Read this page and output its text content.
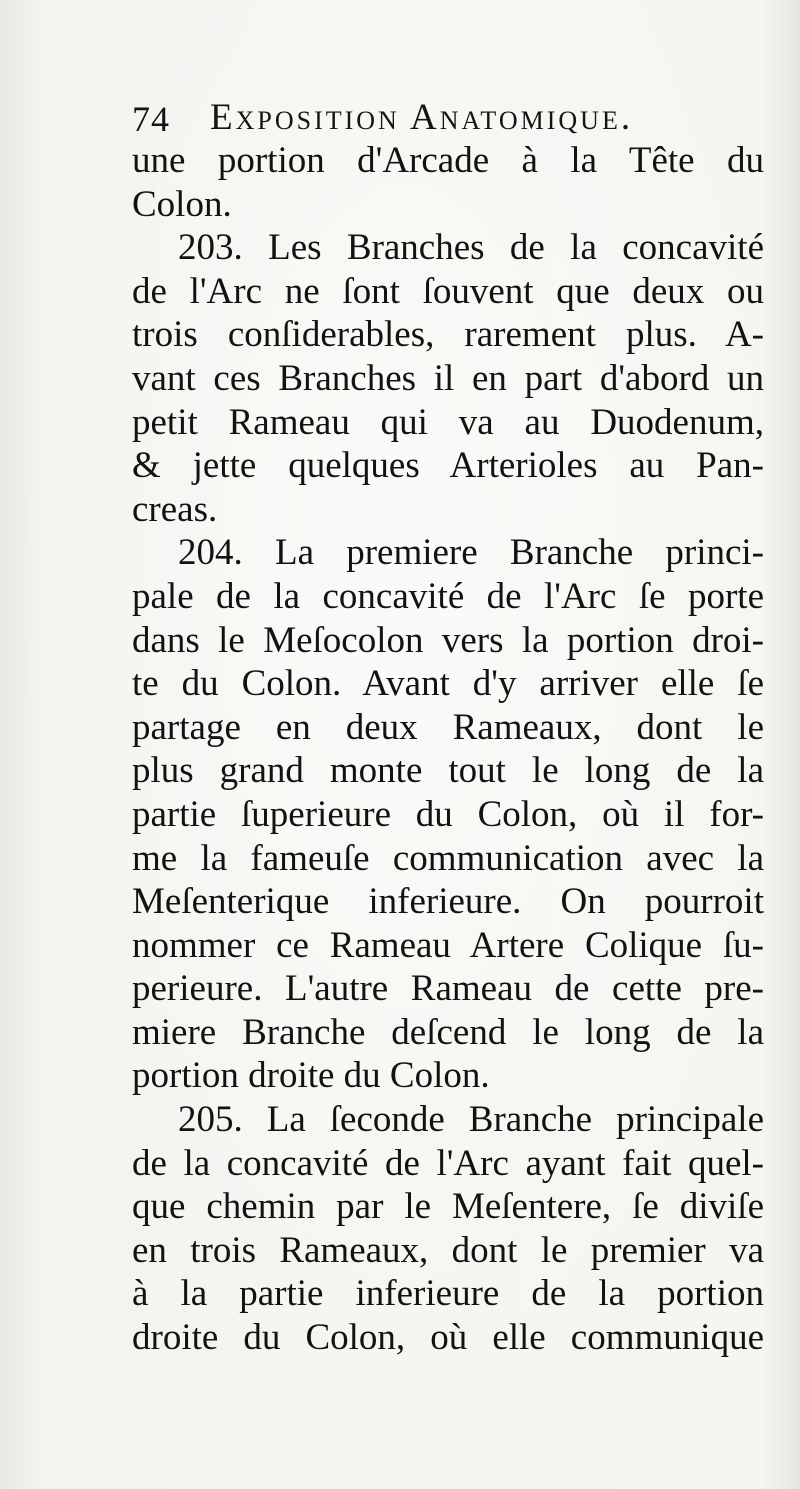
74 Exposition Anatomique.

une portion d'Arcade à la Tête du
Colon.

203. Les Branches de la concavité
de l'Arc ne ſont ſouvent que deux ou
trois conſiderables, rarement plus. A-
vant ces Branches il en part d'abord un
petit Rameau qui va au Duodenum,
& jette quelques Arterioles au Pan-
creas.

204. La premiere Branche princi-
pale de la concavité de l'Arc ſe porte
dans le Meſocolon vers la portion droi-
te du Colon. Avant d'y arriver elle ſe
partage en deux Rameaux, dont le
plus grand monte tout le long de la
partie ſuperieure du Colon, où il for-
me la fameuſe communication avec la
Meſenterique inferieure. On pourroit
nommer ce Rameau Artere Colique ſu-
perieure. L'autre Rameau de cette pre-
miere Branche deſcend le long de la
portion droite du Colon.

205. La ſeconde Branche principale
de la concavité de l'Arc ayant fait quel-
que chemin par le Meſentere, ſe diviſe
en trois Rameaux, dont le premier va
à la partie inferieure de la portion
droite du Colon, où elle communique
